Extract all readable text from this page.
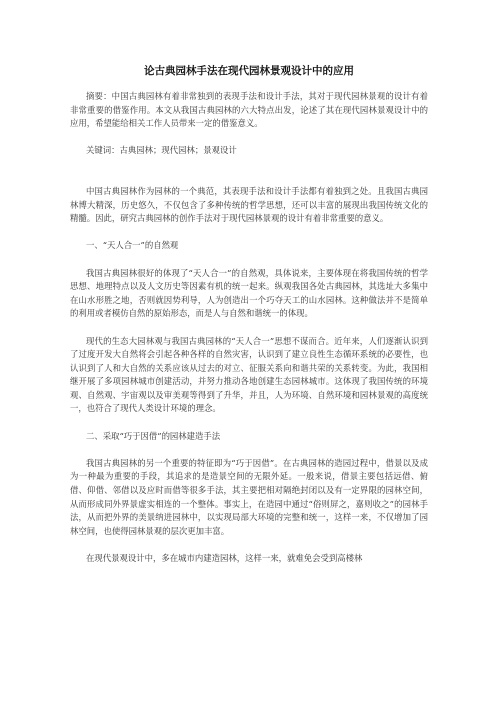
论古典园林手法在现代园林景观设计中的应用

摘要：中国古典园林有着非常独到的表现手法和设计手法，其对于现代园林景观的设计有着非常重要的借鉴作用。本文从我国古典园林的六大特点出发，论述了其在现代园林景观设计中的应用，希望能给相关工作人员带来一定的借鉴意义。

关键词：古典园林；现代园林；景观设计

中国古典园林作为园林的一个典范，其表现手法和设计手法都有着独到之处。且我国古典园林博大精深，历史悠久，不仅包含了多种传统的哲学思想，还可以丰富的展现出我国传统文化的精髓。因此，研究古典园林的创作手法对于现代园林景观的设计有着非常重要的意义。

一、“天人合一”的自然观

我国古典园林很好的体现了“天人合一”的自然观，具体说来，主要体现在将我国传统的哲学思想、地理特点以及人文历史等因素有机的统一起来。纵观我国各处古典园林，其选址大多集中在山水形胜之地，否则就因势利导，人为创造出一个巧夺天工的山水园林。这种做法并不是简单的利用或者模仿自然的原始形态，而是人与自然和谐统一的体现。

现代的生态大园林观与我国古典园林的“天人合一”思想不谋而合。近年来，人们逐渐认识到了过度开发大自然将会引起各种各样的自然灾害，认识到了建立良性生态循环系统的必要性，也认识到了人和大自然的关系应该从过去的对立、征服关系向和谐共荣的关系转变。为此，我国相继开展了多项园林城市创建活动，并努力推动各地创建生态园林城市。这体现了我国传统的环境观、自然观、宇宙观以及审美观等得到了升华，并且，人为环境、自然环境和园林景观的高度统一，也符合了现代人类设计环境的理念。

二、采取“巧于因借”的园林建造手法

我国古典园林的另一个重要的特征即为“巧于因借”。在古典园林的造园过程中，借景以及成为一种最为重要的手段，其追求的是造景空间的无限外延。一般来说，借景主要包括远借、俯借、仰借、邻借以及应时而借等很多手法，其主要把相对隔绝封闭以及有一定界限的园林空间，从而形成同外界景虚实相连的一个整体。事实上，在造园中通过“俗则屏之，嘉则收之”的园林手法，从而把外界的美景纳进园林中，以实现局部大环境的完整和统一，这样一来，不仅增加了园 林空间，也使得园林景观的层次更加丰富。

在现代景观设计中，多在城市内建造园林，这样一来，就难免会受到高楼林
